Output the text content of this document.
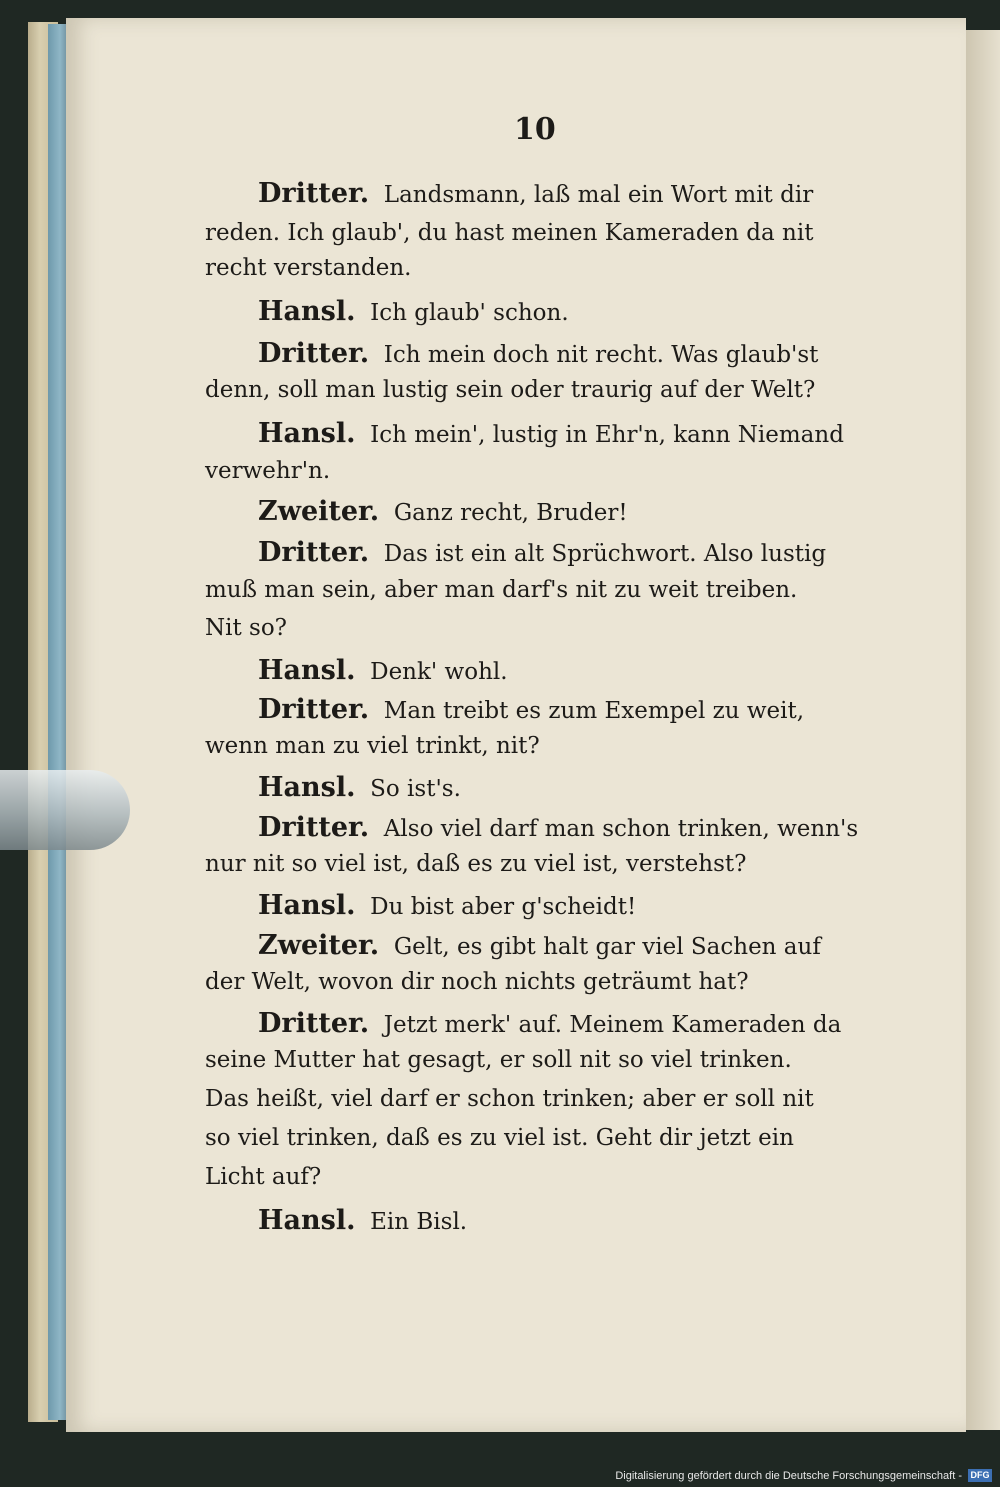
10
Dritter. Landsmann, laß mal ein Wort mit dir
reden. Ich glaub', du hast meinen Kameraden da nit
recht verstanden.
Hansl. Ich glaub' schon.
Dritter. Ich mein doch nit recht. Was glaub'st
denn, soll man lustig sein oder traurig auf der Welt?
Hansl. Ich mein', lustig in Ehr'n, kann Niemand
verwehr'n.
Zweiter. Ganz recht, Bruder!
Dritter. Das ist ein alt Sprüchwort. Also lustig
muß man sein, aber man darf's nit zu weit treiben.
Nit so?
Hansl. Denk' wohl.
Dritter. Man treibt es zum Exempel zu weit,
wenn man zu viel trinkt, nit?
Hansl. So ist's.
Dritter. Also viel darf man schon trinken, wenn's
nur nit so viel ist, daß es zu viel ist, verstehst?
Hansl. Du bist aber g'scheidt!
Zweiter. Gelt, es gibt halt gar viel Sachen auf
der Welt, wovon dir noch nichts geträumt hat?
Dritter. Jetzt merk' auf. Meinem Kameraden da
seine Mutter hat gesagt, er soll nit so viel trinken.
Das heißt, viel darf er schon trinken; aber er soll nit
so viel trinken, daß es zu viel ist. Geht dir jetzt ein
Licht auf?
Hansl. Ein Bisl.
Digitalisierung gefördert durch die Deutsche Forschungsgemeinschaft - DFG
